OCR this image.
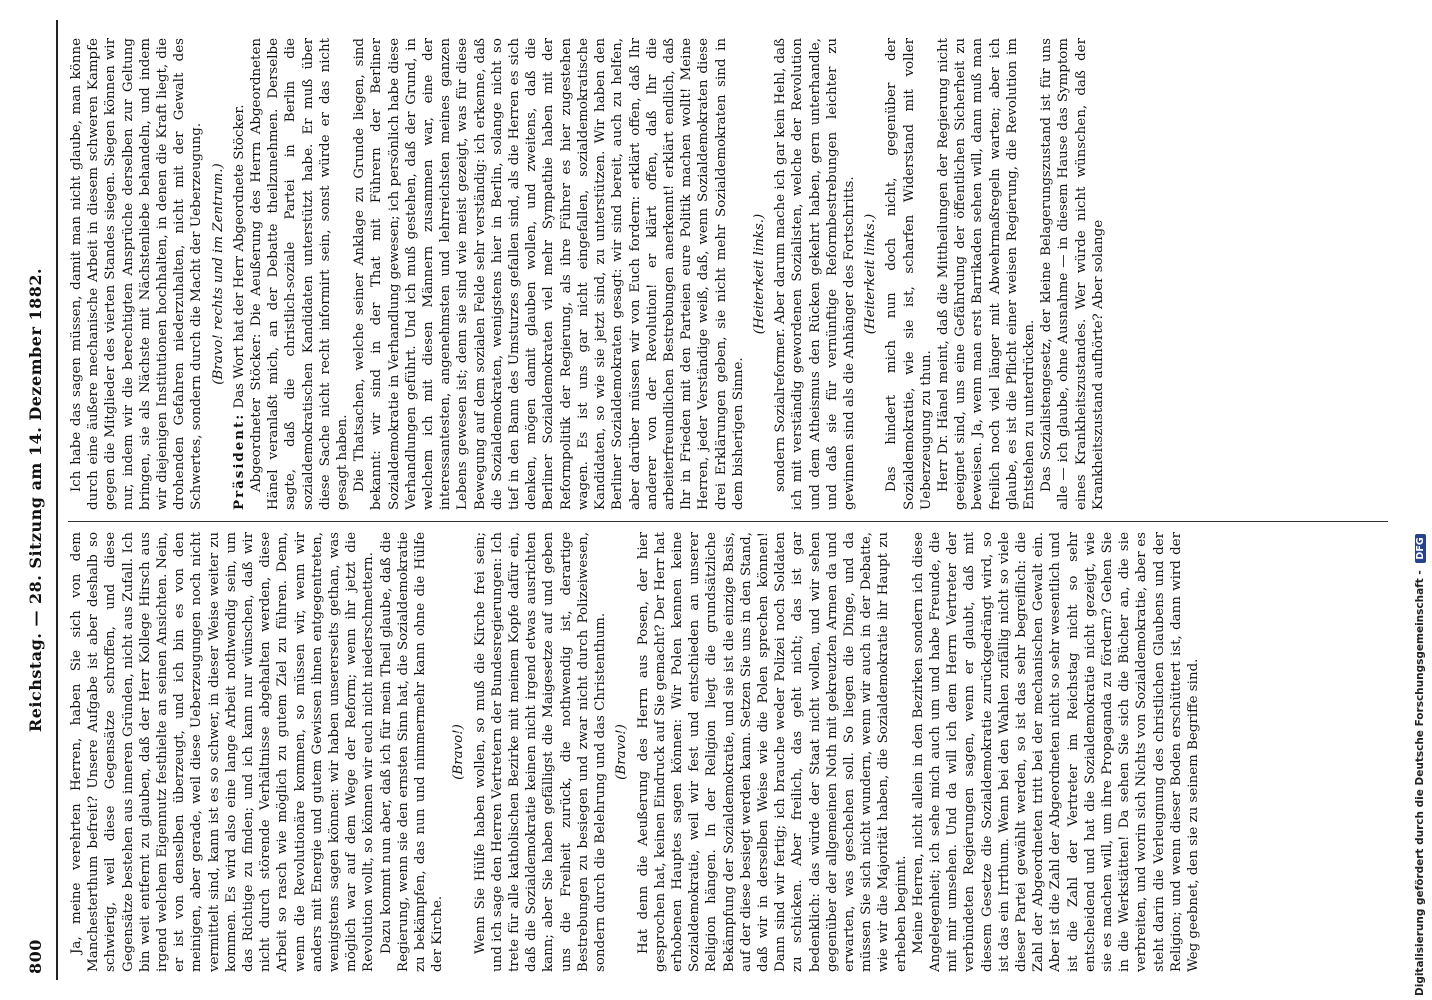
800
Reichstag. — 28. Sitzung am 14. Dezember 1882.

Ja, meine verehrten Herren, haben Sie sich von dem Manchesterthum befreit? Unsere Aufgabe ist aber deshalb so schwierig, weil diese Gegensätze schroffen, und diese Gegensätze bestehen aus inneren Gründen, nicht aus Zufall. Ich bin weit entfernt zu glauben, daß der Herr Kollege Hirsch aus irgend welchem Eigennutz festhielte an seinen Ansichten. Nein, er ist von denselben überzeugt, und ich bin es von den meinigen, aber gerade, weil diese Ueberzeugungen noch nicht vermittelt sind, kann ist es so schwer, in dieser Weise weiter zu kommen. Es wird also eine lange Arbeit nothwendig sein, um das Richtige zu finden; und ich kann nur wünschen, daß wir nicht durch störende Verhältnisse abgehalten werden, diese Arbeit so rasch wie möglich zu gutem Ziel zu führen. Denn, wenn die Revolutionäre kommen, so müssen wir, wenn wir anders mit Energie und gutem Gewissen ihnen entgegentreten, wenigstens sagen können: wir haben unsererseits gethan, was möglich war auf dem Wege der Reform; wenn ihr jetzt die Revolution wollt, so können wir euch nicht niederschmettern. Dazu kommt nun aber, daß ich für mein Theil glaube, daß die Regierung, wenn sie den ernsten Sinn hat, die Sozialdemokratie zu bekämpfen, das nun und nimmermehr kann ohne die Hülfe der Kirche.

(Bravo!) Wenn Sie Hülfe haben wollen, so muß die Kirche frei sein; und ich sage den Herren Vertretern der Bundesregierungen: Ich trete für alle katholischen Bezirke mit meinem Kopfe dafür ein, daß die Sozialdemokratie keinen nicht irgend etwas ausrichten kann; aber Sie haben gefälligst die Maigesetze auf und geben uns die Freiheit zurück, die nothwendig ist, derartige Bestrebungen zu besiegen und zwar nicht durch Polizeiwesen, sondern durch die Belehrung und das Christenthum. (Bravo!) Hat denn die Aeußerung des Herrn aus Posen, der hier gesprochen hat, keinen Eindruck auf Sie gemacht? Der Herr hat erhobenen Hauptes sagen können: Wir Polen kennen keine Sozialdemokratie, weil wir fest und entschieden an unserer Religion hängen. In der Religion liegt die grundsätzliche Bekämpfung der Sozialdemokratie, und sie ist die einzige Basis, auf der diese besiegt werden kann. Setzen Sie uns in den Stand, daß wir in derselben Weise wie die Polen sprechen können! Dann sind wir fertig; ich brauche weder Polizei noch Soldaten zu schicken. Aber freilich, das geht nicht; das ist gar bedenklich: das würde der Staat nicht wollen, und wir sehen gegenüber der allgemeinen Noth mit gekreuzten Armen da und erwarten, was geschehen soll. So liegen die Dinge, und da müssen Sie sich nicht wundern, wenn wir auch in der Debatte, wie wir die Majorität haben, die Sozialdemokratie ihr Haupt zu erheben beginnt. Meine Herren, nicht allein in den Bezirken sondern ich diese Angelegenheit; ich sehe mich auch um und habe Freunde, die mit mir umsehen. Und da will ich dem Herrn Vertreter der verbündeten Regierungen sagen, wenn er glaubt, daß mit diesem Gesetze die Sozialdemokratie zurückgedrängt wird, so ist das ein Irrthum. Wenn bei den Wahlen zufällig nicht so viele dieser Partei gewählt werden, so ist das sehr begreiflich: die Zahl der Abgeordneten tritt bei der mechanischen Gewalt ein. Aber ist die Zahl der Abgeordneten nicht so sehr wesentlich und ist die Zahl der Vertreter im Reichstag nicht so sehr entscheidend und hat die Sozialdemokratie nicht gezeigt, wie sie es machen will, um ihre Propaganda zu fördern? Gehen Sie in die Werkstätten! Da sehen Sie sich die Bücher an, die sie verbreiten, und worin sich Nichts von Sozialdemokratie, aber es steht darin die Verleugnung des christlichen Glaubens und der Religion; und wenn dieser Boden erschüttert ist, dann wird der Weg geebnet, den sie zu seinem Begriffe sind.

Ich habe das sagen müssen, damit man nicht glaube, man könne durch eine äußere mechanische Arbeit in diesem schweren Kampfe gegen die Mitglieder des vierten Standes siegen. Siegen können wir nur, indem wir die berechtigten Ansprüche derselben zur Geltung bringen, sie als Nächste mit Nächstenliebe behandeln, und indem wir diejenigen Institutionen hochhalten, in denen die Kraft liegt, die drohenden Gefahren niederzuhalten, nicht mit der Gewalt des Schwertes, sondern durch die Macht der Ueberzeugung. (Bravo! rechts und im Zentrum.)

Präsident: Das Wort hat der Herr Abgeordnete Stöcker. Abgeordneter Stöcker: Die Aeußerung des Herrn Abgeordneten Hänel veranlaßt mich, an der Debatte theilzunehmen. Derselbe sagte, daß die christlich-soziale Partei in Berlin die sozialdemokratischen Kandidaten unterstützt habe. Er muß über diese Sache nicht recht informirt sein, sonst würde er das nicht gesagt haben. Die Thatsachen, welche seiner Anklage zu Grunde liegen, sind bekannt: wir sind in der That mit Führern der Berliner Sozialdemokratie in Verhandlung gewesen; ich persönlich habe diese Verhandlungen geführt. Und ich muß gestehen, daß der Grund, in welchem ich mit diesen Männern zusammen war, eine der interessantesten, angenehmsten und lehrreichsten meines ganzen Lebens gewesen ist; denn sie sind wie meist gezeigt, was für diese Bewegung auf dem sozialen Felde sehr verständig: ich erkenne, daß die Sozialdemokraten, wenigstens hier in Berlin, solange nicht so tief in den Bann des Umsturzes gefallen sind, als die Herren es sich denken, mögen damit glauben wollen, und zweitens, daß die Berliner Sozialdemokraten viel mehr Sympathie haben mit der Reformpolitik der Regierung, als ihre Führer es hier zugestehen wagen. Es ist uns gar nicht eingefallen, sozialdemokratische Kandidaten, so wie sie jetzt sind, zu unterstützen. Wir haben den Berliner Sozialdemokraten gesagt: wir sind bereit, auch zu helfen, aber darüber müssen wir von Euch fordern: erklärt offen, daß Ihr anderer von der Revolution! er klärt offen, daß Ihr die arbeiterfreundlichen Bestrebungen anerkennt! erklärt endlich, daß Ihr in Frieden mit den Parteien eure Politik machen wollt! Meine Herren, jeder Verständige weiß, daß, wenn Sozialdemokraten diese drei Erklärungen geben, sie nicht mehr Sozialdemokraten sind in dem bisherigen Sinne.

(Heiterkeit links.) sondern Sozialreformer. Aber darum mache ich gar kein Hehl, daß ich mit verständig gewordenen Sozialisten, welche der Revolution und dem Atheismus den Rücken gekehrt haben, gern unterhandle, und daß sie für vernünftige Reformbestrebungen leichter zu gewinnen sind als die Anhänger des Fortschritts. (Heiterkeit links.) Das hindert mich nun doch nicht, gegenüber der Sozialdemokratie, wie sie ist, scharfen Widerstand mit voller Ueberzeugung zu thun. Herr Dr. Hänel meint, daß die Mittheilungen der Regierung nicht geeignet sind, uns eine Gefährdung der öffentlichen Sicherheit zu beweisen. Ja, wenn man erst Barrikaden sehen will, dann muß man freilich noch viel länger mit Abwehrmaßregeln warten; aber ich glaube, es ist die Pflicht einer weisen Regierung, die Revolution im Entstehen zu unterdrücken. Das Sozialistengesetz, der kleine Belagerungszustand ist für uns alle — ich glaube, ohne Ausnahme — in diesem Hause das Symptom eines Krankheitszustandes. Wer würde nicht wünschen, daß der Krankheitszustand aufhörte? Aber solange

Digitalisierung gefördert durch die Deutsche Forschungsgemeinschaft - DFG
